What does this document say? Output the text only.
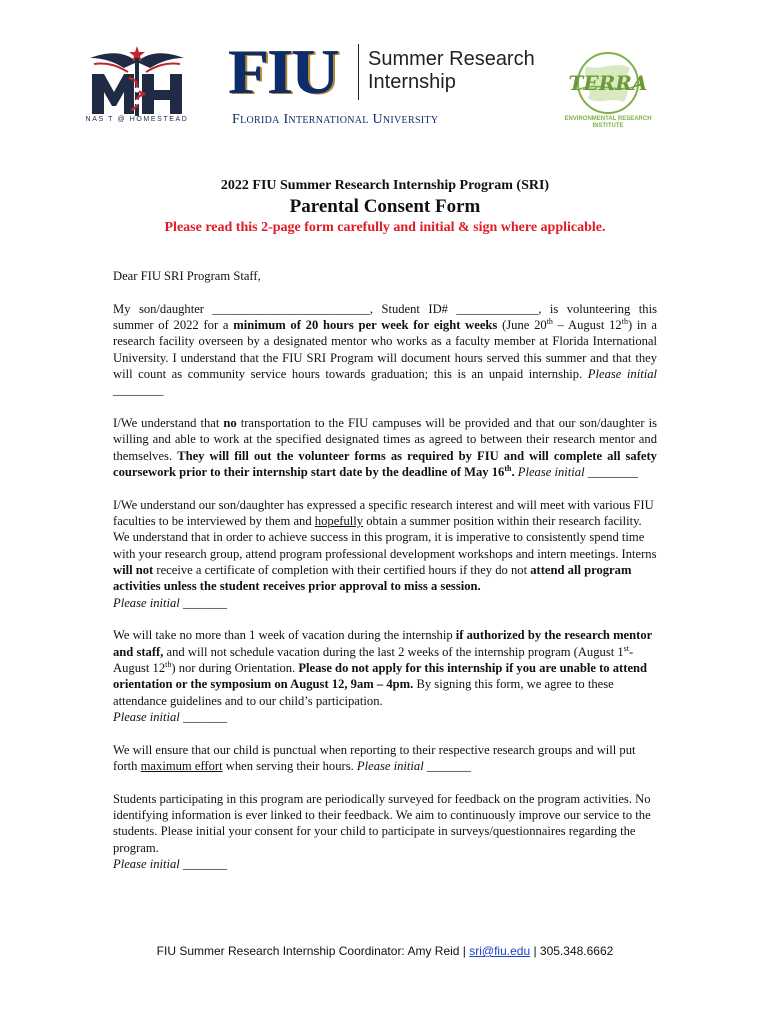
NAS T @ HOMESTEAD
FIU Summer Research
Internship
Florida International University
TERRA
ENVIRONMENTAL RESEARCH INSTITUTE
2022 FIU Summer Research Internship Program (SRI)
Parental Consent Form
Please read this 2-page form carefully and initial & sign where applicable.

Dear FIU SRI Program Staff,

My son/daughter _________________________, Student ID# _____________, is volunteering this summer of 2022 for a minimum of 20 hours per week for eight weeks (June 20th – August 12th) in a research facility overseen by a designated mentor who works as a faculty member at Florida International University. I understand that the FIU SRI Program will document hours served this summer and that they will count as community service hours towards graduation; this is an unpaid internship. Please initial ________

I/We understand that no transportation to the FIU campuses will be provided and that our son/daughter is willing and able to work at the specified designated times as agreed to between their research mentor and themselves. They will fill out the volunteer forms as required by FIU and will complete all safety coursework prior to their internship start date by the deadline of May 16th. Please initial ________

I/We understand our son/daughter has expressed a specific research interest and will meet with various FIU faculties to be interviewed by them and hopefully obtain a summer position within their research facility. We understand that in order to achieve success in this program, it is imperative to consistently spend time with your research group, attend program professional development workshops and intern meetings. Interns will not receive a certificate of completion with their certified hours if they do not attend all program activities unless the student receives prior approval to miss a session.
Please initial _______

We will take no more than 1 week of vacation during the internship if authorized by the research mentor and staff, and will not schedule vacation during the last 2 weeks of the internship program (August 1st-August 12th) nor during Orientation. Please do not apply for this internship if you are unable to attend orientation or the symposium on August 12, 9am – 4pm. By signing this form, we agree to these attendance guidelines and to our child’s participation.
Please initial _______

We will ensure that our child is punctual when reporting to their respective research groups and will put forth maximum effort when serving their hours. Please initial _______

Students participating in this program are periodically surveyed for feedback on the program activities. No identifying information is ever linked to their feedback. We aim to continuously improve our service to the students. Please initial your consent for your child to participate in surveys/questionnaires regarding the program.
Please initial _______

FIU Summer Research Internship Coordinator: Amy Reid | sri@fiu.edu | 305.348.6662
